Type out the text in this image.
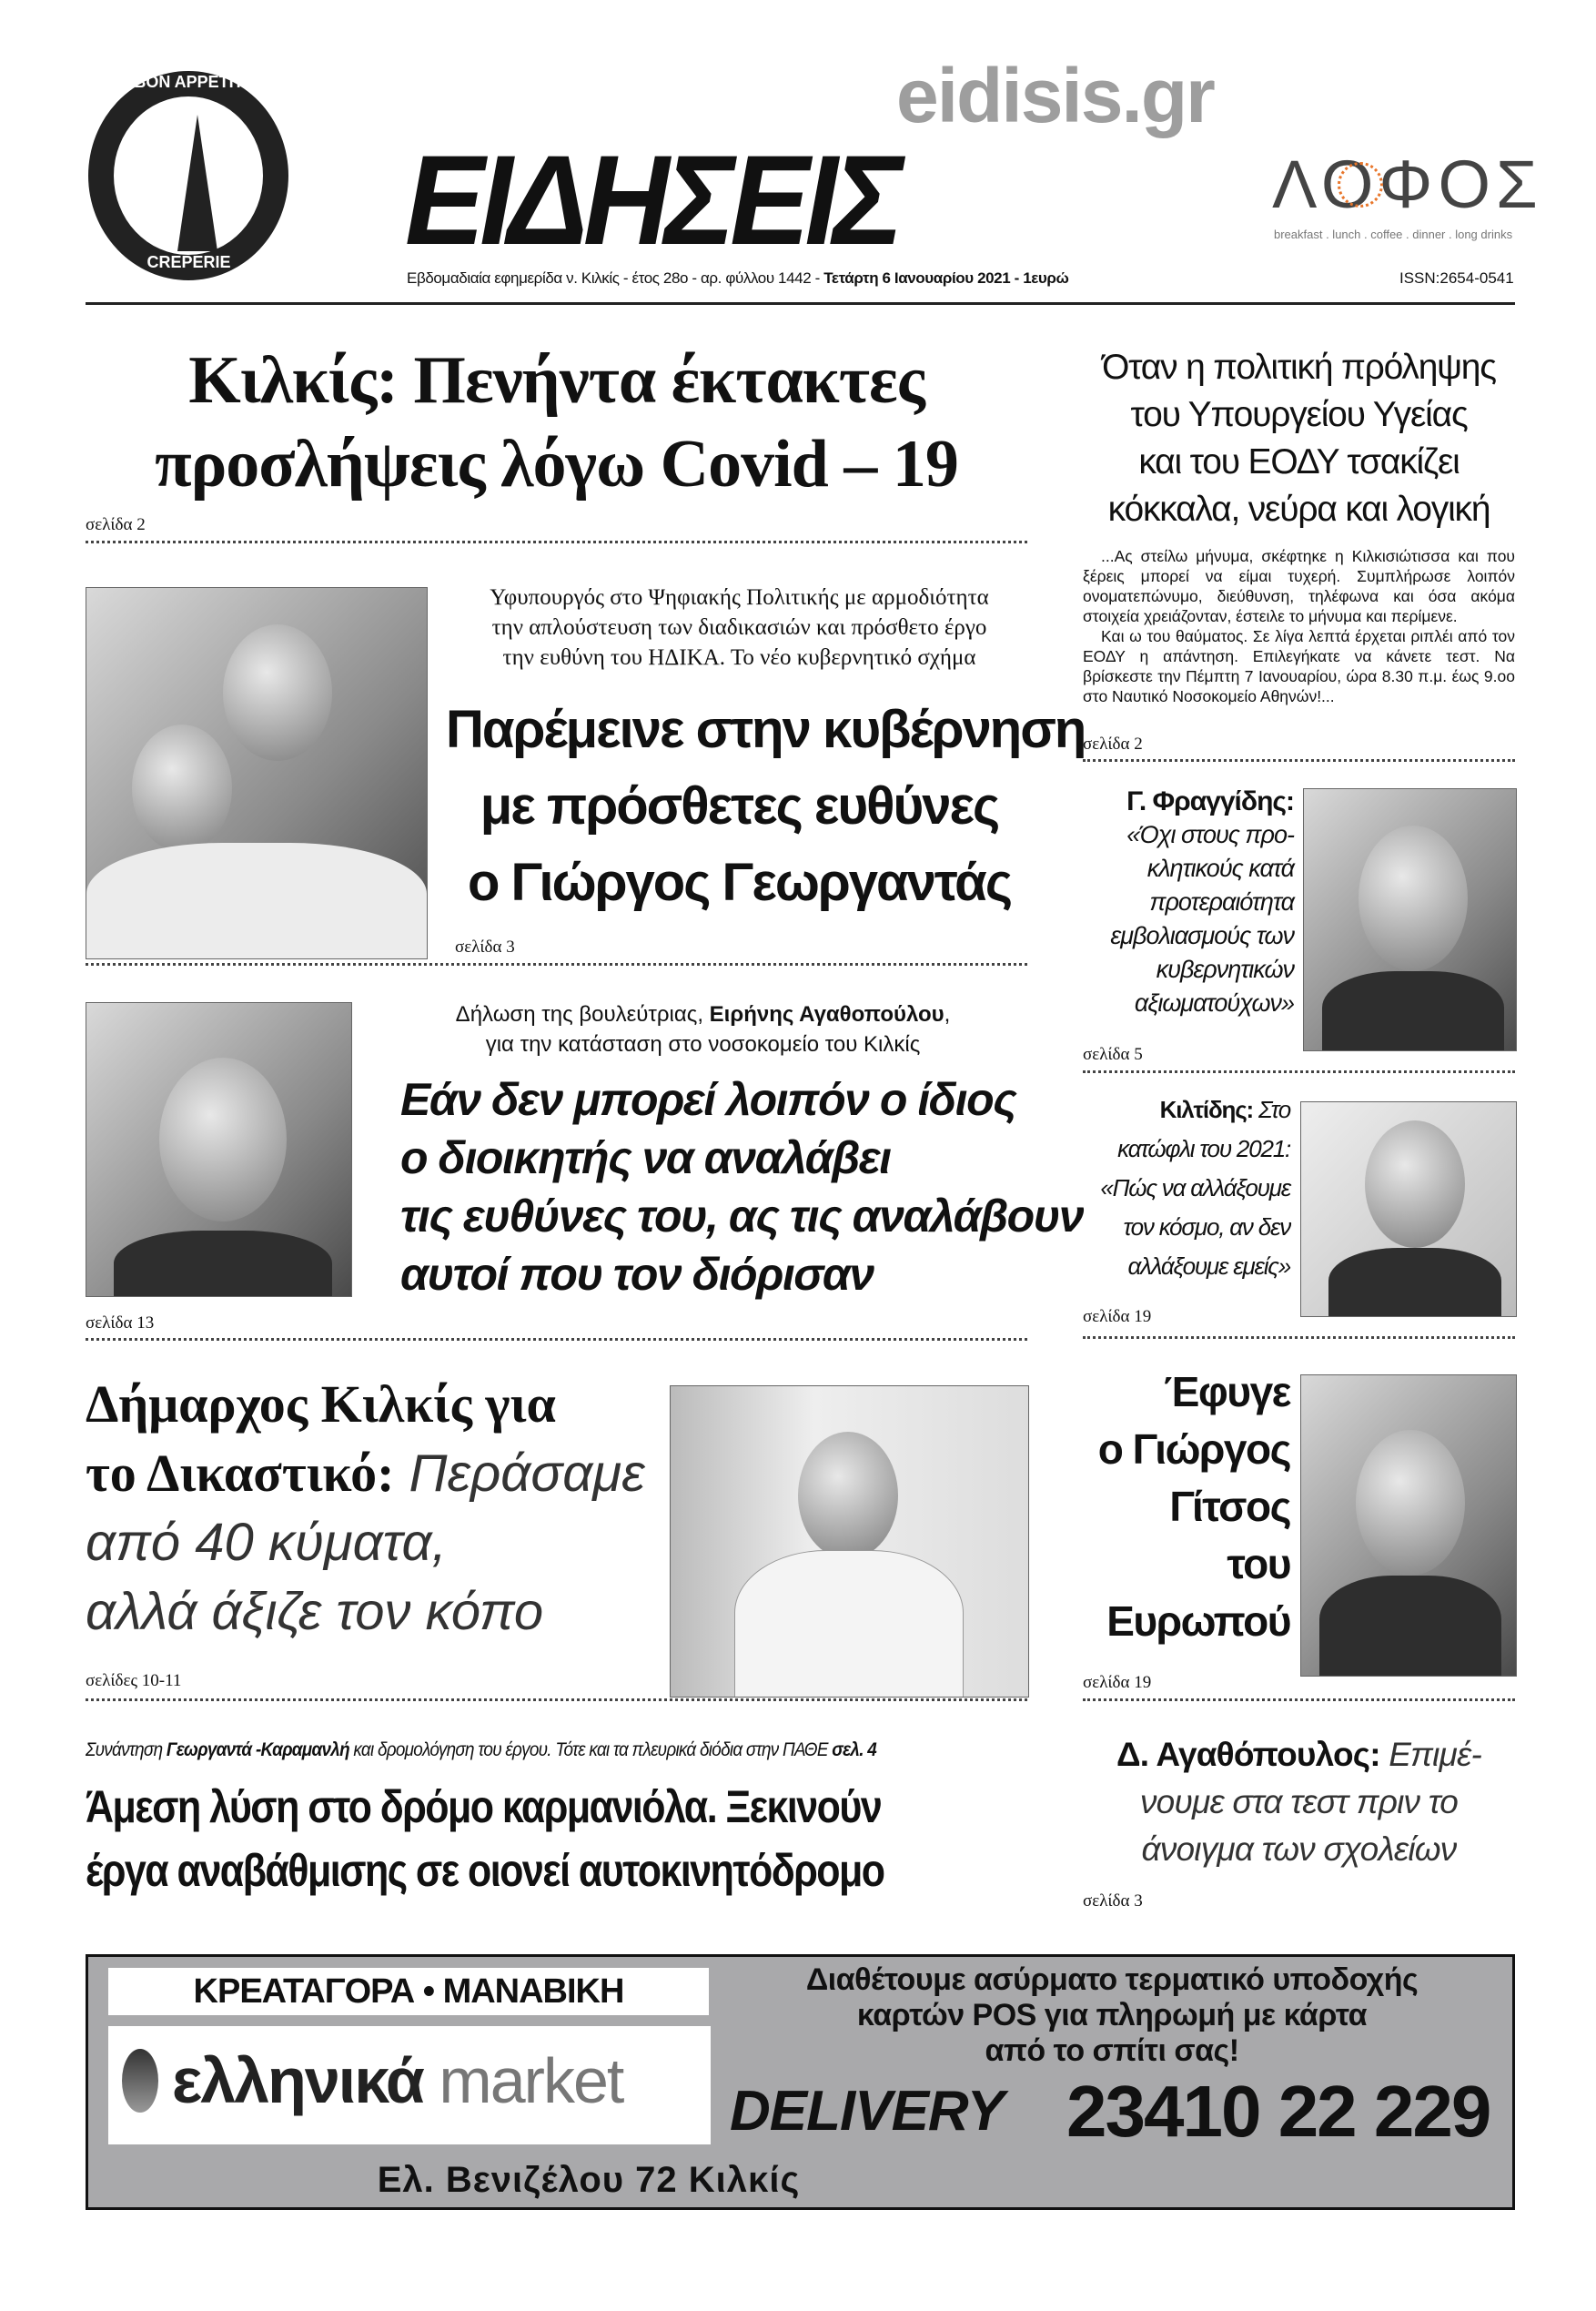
BON APPETIT
CREPERIE
eidisis.gr
ΕΙΔΗΣΕΙΣ	ΛΟΦΟΣ
breakfast . lunch . coffee . dinner . long drinks
Εβδομαδιαία εφημερίδα ν. Κιλκίς - έτος 28ο - αρ. φύλλου 1442 - Τετάρτη 6 Ιανουαρίου 2021 - 1ευρώ	ISSN:2654-0541
Κιλκίς: Πενήντα έκτακτες
προσλήψεις λόγω Covid – 19
σελίδα 2
Υφυπουργός στο Ψηφιακής Πολιτικής με αρμοδιότητα
την απλούστευση των διαδικασιών και πρόσθετο έργο
την ευθύνη του ΗΔΙΚΑ. Το νέο κυβερνητικό σχήμα
Παρέμεινε στην κυβέρνηση
με πρόσθετες ευθύνες
ο Γιώργος Γεωργαντάς
σελίδα 3
Δήλωση της βουλεύτριας, Ειρήνης Αγαθοπούλου,
για την κατάσταση στο νοσοκομείο του Κιλκίς
Εάν δεν μπορεί λοιπόν ο ίδιος
ο διοικητής να αναλάβει
τις ευθύνες του, ας τις αναλάβουν
αυτοί που τον διόρισαν
σελίδα 13
Δήμαρχος Κιλκίς για
το Δικαστικό: Περάσαμε
από 40 κύματα,
αλλά άξιζε τον κόπο
σελίδες 10-11
Συνάντηση Γεωργαντά -Καραμανλή και δρομολόγηση του έργου. Τότε και τα πλευρικά διόδια στην ΠΑΘΕ σελ. 4
Άμεση λύση στο δρόμο καρμανιόλα. Ξεκινούν
έργα αναβάθμισης σε οιονεί αυτοκινητόδρομο
Όταν η πολιτική πρόληψης
του Υπουργείου Υγείας
και του ΕΟΔΥ τσακίζει
κόκκαλα, νεύρα και λογική
...Ας στείλω μήνυμα, σκέφτηκε η Κιλκισιώτισσα και που ξέρεις μπορεί να είμαι τυχερή. Συμπλήρωσε λοιπόν ονοματεπώνυμο, διεύθυνση, τηλέφωνα και όσα ακόμα στοιχεία χρειάζονταν, έστειλε το μήνυμα και περίμενε.
Και ω του θαύματος. Σε λίγα λεπτά έρχεται ριπλέι από τον ΕΟΔΥ η απάντηση. Επιλεγήκατε να κάνετε τεστ. Να βρίσκεστε την Πέμπτη 7 Ιανουαρίου, ώρα 8.30 π.μ. έως 9.οο στο Ναυτικό Νοσοκομείο Αθηνών!...
σελίδα 2
Γ. Φραγγίδης:
«Όχι στους προ-
κλητικούς κατά
προτεραιότητα
εμβολιασμούς των
κυβερνητικών
αξιωματούχων»
σελίδα 5
Κιλτίδης: Στο
κατώφλι του 2021:
«Πώς να αλλάξουμε
τον κόσμο, αν δεν
αλλάξουμε εμείς»
σελίδα 19
Έφυγε
ο Γιώργος
Γίτσος
του
Ευρωπού
σελίδα 19
Δ. Αγαθόπουλος: Επιμέ-
νουμε στα τεστ πριν το
άνοιγμα των σχολείων
σελίδα 3
ΚΡΕΑΤΑΓΟΡΑ • ΜΑΝΑΒΙΚΗ
ελληνικά market
Διαθέτουμε ασύρματο τερματικό υποδοχής
καρτών POS για πληρωμή με κάρτα
από το σπίτι σας!
DELIVERY 23410 22 229
Ελ. Βενιζέλου 72 Κιλκίς
